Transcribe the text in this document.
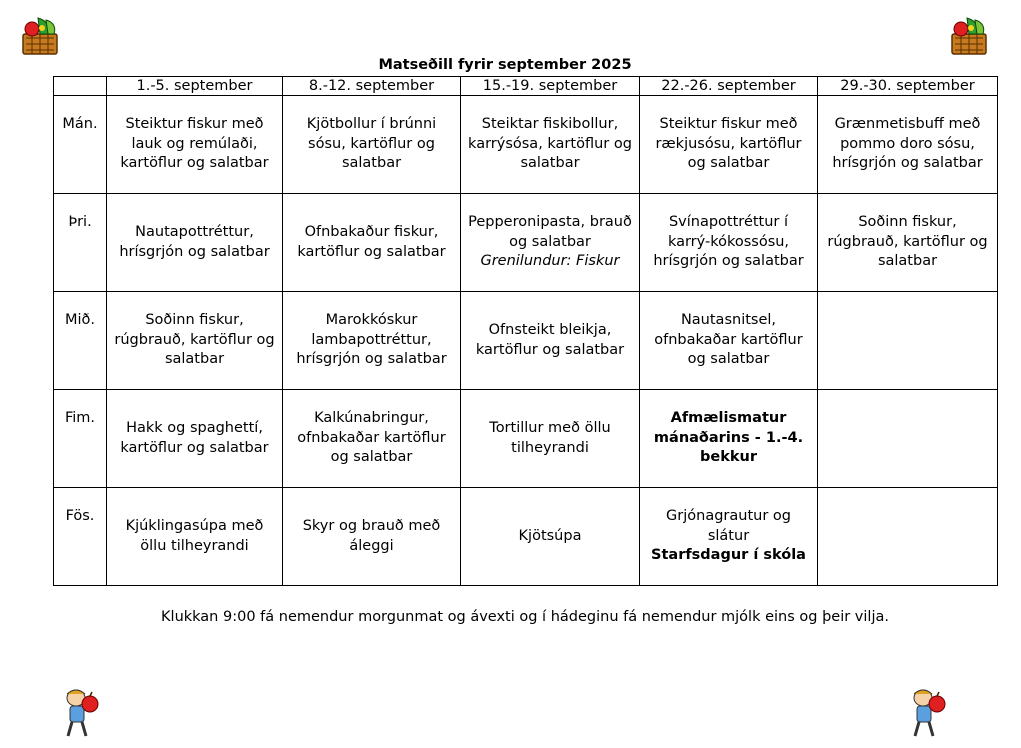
Matseðill fyrir september 2025
	1.-5. september	8.-12. september	15.-19. september	22.-26. september	29.-30. september
Mán.	Steiktur fiskur með
lauk og remúlaði,
kartöflur og salatbar	Kjötbollur í brúnni
sósu, kartöflur og
salatbar	Steiktar fiskibollur,
karrýsósa, kartöflur og
salatbar	Steiktur fiskur með
rækjusósu, kartöflur
og salatbar	Grænmetisbuff með
pommo doro sósu,
hrísgrjón og salatbar

Þri.	Nautapottréttur,
hrísgrjón og salatbar	Ofnbakaður fiskur,
kartöflur og salatbar	Pepperonipasta, brauð
og salatbar
Grenilundur: Fiskur	Svínapottréttur í
karrý-kókossósu,
hrísgrjón og salatbar	Soðinn fiskur,
rúgbrauð, kartöflur og
salatbar

Mið.	Soðinn fiskur,
rúgbrauð, kartöflur og
salatbar	Marokkóskur
lambapottréttur,
hrísgrjón og salatbar	Ofnsteikt bleikja,
kartöflur og salatbar	Nautasnitsel,
ofnbakaðar kartöflur
og salatbar	

Fim.	Hakk og spaghettí,
kartöflur og salatbar	Kalkúnabringur,
ofnbakaðar kartöflur
og salatbar	Tortillur með öllu
tilheyrandi	Afmælismatur
mánaðarins - 1.-4.
bekkur	

Fös.	Kjúklingasúpa með
öllu tilheyrandi	Skyr og brauð með
áleggi	Kjötsúpa	Grjónagrautur og
slátur
Starfsdagur í skóla	

Klukkan 9:00 fá nemendur morgunmat og ávexti og í hádeginu fá nemendur mjólk eins og þeir vilja.
